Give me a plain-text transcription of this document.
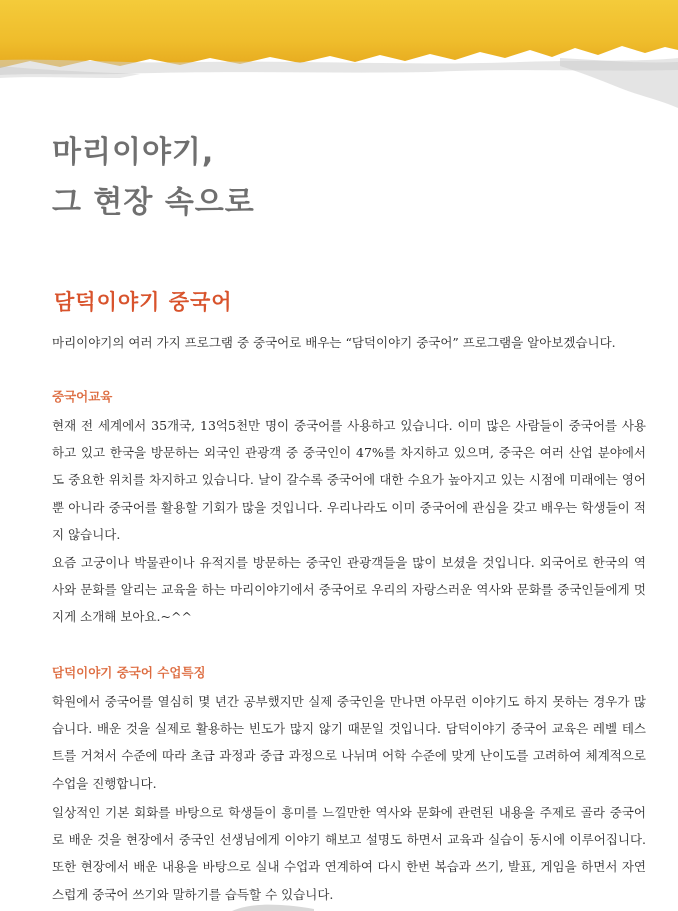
마리이야기,
그 현장 속으로
담덕이야기 중국어

마리이야기의 여러 가지 프로그램 중 중국어로 배우는 “담덕이야기 중국어” 프로그램을 알아보겠습니다.

중국어교육

현재 전 세계에서 35개국, 13억5천만 명이 중국어를 사용하고 있습니다. 이미 많은 사람들이 중국어를 사용하고 있고 한국을 방문하는 외국인 관광객 중 중국인이 47%를 차지하고 있으며, 중국은 여러 산업 분야에서도 중요한 위치를 차지하고 있습니다. 날이 갈수록 중국어에 대한 수요가 높아지고 있는 시점에 미래에는 영어뿐 아니라 중국어를 활용할 기회가 많을 것입니다. 우리나라도 이미 중국어에 관심을 갖고 배우는 학생들이 적지 않습니다.

요즘 고궁이나 박물관이나 유적지를 방문하는 중국인 관광객들을 많이 보셨을 것입니다. 외국어로 한국의 역사와 문화를 알리는 교육을 하는 마리이야기에서 중국어로 우리의 자랑스러운 역사와 문화를 중국인들에게 멋지게 소개해 보아요.~^^

담덕이야기 중국어 수업특징

학원에서 중국어를 열심히 몇 년간 공부했지만 실제 중국인을 만나면 아무런 이야기도 하지 못하는 경우가 많습니다. 배운 것을 실제로 활용하는 빈도가 많지 않기 때문일 것입니다. 담덕이야기 중국어 교육은 레벨 테스트를 거쳐서 수준에 따라 초급 과정과 중급 과정으로 나뉘며 어학 수준에 맞게 난이도를 고려하여 체계적으로 수업을 진행합니다.

일상적인 기본 회화를 바탕으로 학생들이 흥미를 느낄만한 역사와 문화에 관련된 내용을 주제로 골라 중국어로 배운 것을 현장에서 중국인 선생님에게 이야기 해보고 설명도 하면서 교육과 실습이 동시에 이루어집니다. 또한 현장에서 배운 내용을 바탕으로 실내 수업과 연계하여 다시 한번 복습과 쓰기, 발표, 게임을 하면서 자연스럽게 중국어 쓰기와 말하기를 습득할 수 있습니다.
